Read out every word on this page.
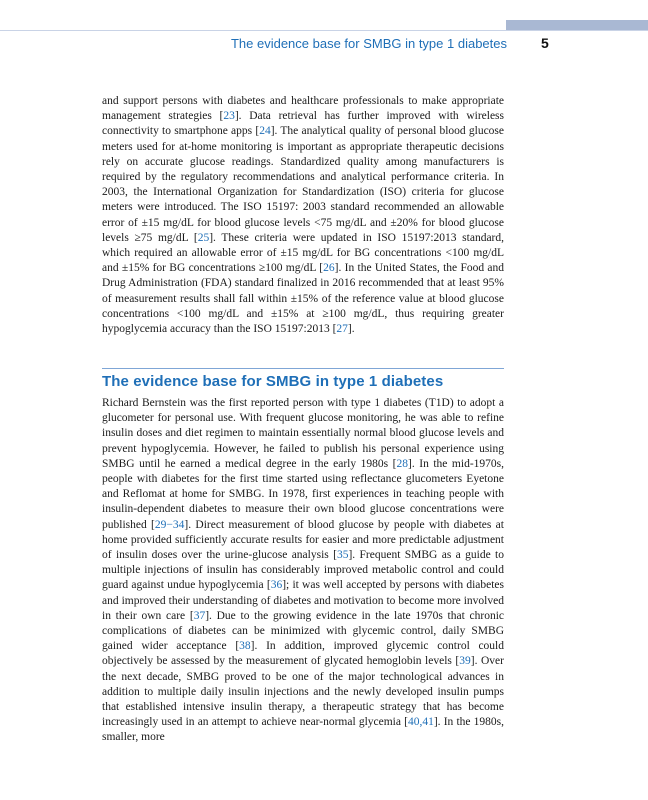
The evidence base for SMBG in type 1 diabetes 5

and support persons with diabetes and healthcare professionals to make appropriate management strategies [23]. Data retrieval has further improved with wireless connectivity to smartphone apps [24]. The analytical quality of personal blood glucose meters used for at-home monitoring is important as appropriate therapeutic decisions rely on accurate glucose readings. Standardized quality among manufacturers is required by the regulatory recommendations and analytical performance criteria. In 2003, the International Organization for Standardization (ISO) criteria for glucose meters were introduced. The ISO 15197: 2003 standard recommended an allowable error of ±15 mg/dL for blood glucose levels <75 mg/dL and ±20% for blood glucose levels ≥75 mg/dL [25]. These criteria were updated in ISO 15197:2013 standard, which required an allowable error of ±15 mg/dL for BG concentrations <100 mg/dL and ±15% for BG concentrations ≥100 mg/dL [26]. In the United States, the Food and Drug Administration (FDA) standard finalized in 2016 recommended that at least 95% of measurement results shall fall within ±15% of the reference value at blood glucose concentrations <100 mg/dL and ±15% at ≥100 mg/dL, thus requiring greater hypoglycemia accuracy than the ISO 15197:2013 [27].

The evidence base for SMBG in type 1 diabetes

Richard Bernstein was the first reported person with type 1 diabetes (T1D) to adopt a glucometer for personal use. With frequent glucose monitoring, he was able to refine insulin doses and diet regimen to maintain essentially normal blood glucose levels and prevent hypoglycemia. However, he failed to publish his personal experience using SMBG until he earned a medical degree in the early 1980s [28]. In the mid-1970s, people with diabetes for the first time started using reflectance glucometers Eyetone and Reflomat at home for SMBG. In 1978, first experiences in teaching people with insulin-dependent diabetes to measure their own blood glucose concentrations were published [29−34]. Direct measurement of blood glucose by people with diabetes at home provided sufficiently accurate results for easier and more predictable adjustment of insulin doses over the urine-glucose analysis [35]. Frequent SMBG as a guide to multiple injections of insulin has considerably improved metabolic control and could guard against undue hypoglycemia [36]; it was well accepted by persons with diabetes and improved their understanding of diabetes and motivation to become more involved in their own care [37]. Due to the growing evidence in the late 1970s that chronic complications of diabetes can be minimized with glycemic control, daily SMBG gained wider acceptance [38]. In addition, improved glycemic control could objectively be assessed by the measurement of glycated hemoglobin levels [39]. Over the next decade, SMBG proved to be one of the major technological advances in addition to multiple daily insulin injections and the newly developed insulin pumps that established intensive insulin therapy, a therapeutic strategy that has become increasingly used in an attempt to achieve near-normal glycemia [40,41]. In the 1980s, smaller, more
